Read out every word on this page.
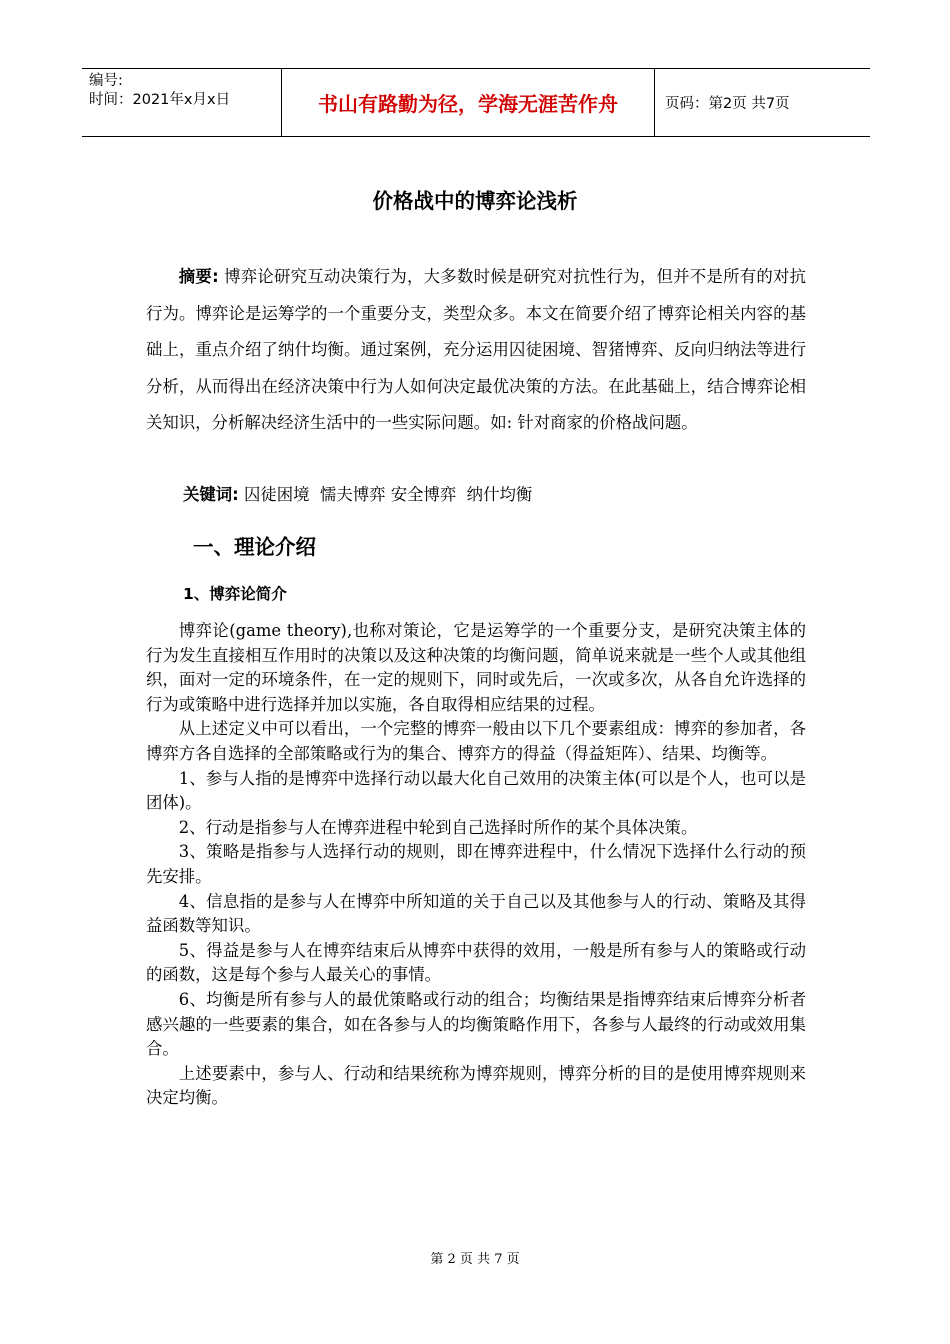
编号:
时间：2021年x月x日	书山有路勤为径，学海无涯苦作舟	页码：第2页 共7页
价格战中的博弈论浅析

摘要: 博弈论研究互动决策行为，大多数时候是研究对抗性行为，但并不是所有的对抗行为。博弈论是运筹学的一个重要分支，类型众多。本文在简要介绍了博弈论相关内容的基础上，重点介绍了纳什均衡。通过案例，充分运用囚徒困境、智猪博弈、反向归纳法等进行分析，从而得出在经济决策中行为人如何决定最优决策的方法。在此基础上，结合博弈论相关知识，分析解决经济生活中的一些实际问题。如: 针对商家的价格战问题。

关键词: 囚徒困境  懦夫博弈 安全博弈  纳什均衡
一、理论介绍
1、博弈论简介

博弈论(game theory),也称对策论，它是运筹学的一个重要分支，是研究决策主体的行为发生直接相互作用时的决策以及这种决策的均衡问题，简单说来就是一些个人或其他组织，面对一定的环境条件，在一定的规则下，同时或先后，一次或多次，从各自允许选择的行为或策略中进行选择并加以实施，各自取得相应结果的过程。

从上述定义中可以看出，一个完整的博弈一般由以下几个要素组成：博弈的参加者，各博弈方各自选择的全部策略或行为的集合、博弈方的得益（得益矩阵）、结果、均衡等。

1、参与人指的是博弈中选择行动以最大化自己效用的决策主体(可以是个人，也可以是团体)。

2、行动是指参与人在博弈进程中轮到自己选择时所作的某个具体决策。

3、策略是指参与人选择行动的规则，即在博弈进程中，什么情况下选择什么行动的预先安排。

4、信息指的是参与人在博弈中所知道的关于自己以及其他参与人的行动、策略及其得益函数等知识。

5、得益是参与人在博弈结束后从博弈中获得的效用，一般是所有参与人的策略或行动的函数，这是每个参与人最关心的事情。

6、均衡是所有参与人的最优策略或行动的组合；均衡结果是指博弈结束后博弈分析者感兴趣的一些要素的集合，如在各参与人的均衡策略作用下，各参与人最终的行动或效用集合。

上述要素中，参与人、行动和结果统称为博弈规则，博弈分析的目的是使用博弈规则来决定均衡。

第 2 页 共 7 页
